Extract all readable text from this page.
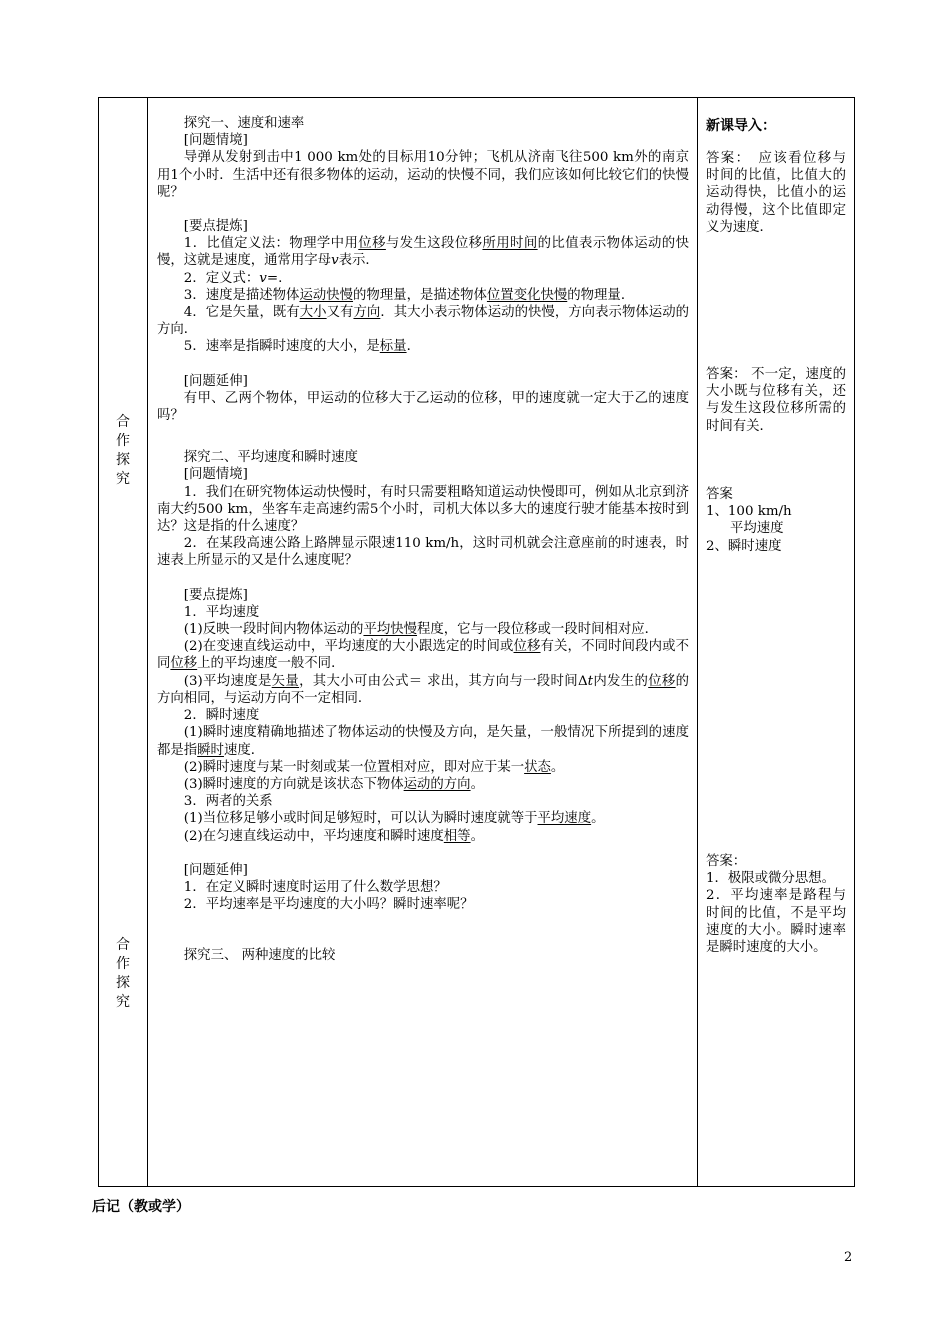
合
作
探
究
合
作
探
究

探究一、速度和速率

[问题情境]

导弹从发射到击中1 000 km处的目标用10分钟；飞机从济南飞往500 km外的南京用1个小时．生活中还有很多物体的运动，运动的快慢不同，我们应该如何比较它们的快慢呢？

[要点提炼]

1．比值定义法：物理学中用位移与发生这段位移所用时间的比值表示物体运动的快慢，这就是速度，通常用字母v表示．

2．定义式：v=.

3．速度是描述物体运动快慢的物理量，是描述物体位置变化快慢的物理量．

4．它是矢量，既有大小又有方向．其大小表示物体运动的快慢，方向表示物体运动的方向．

5．速率是指瞬时速度的大小，是标量．

[问题延伸]

有甲、乙两个物体，甲运动的位移大于乙运动的位移，甲的速度就一定大于乙的速度吗？

探究二、平均速度和瞬时速度

[问题情境]

1．我们在研究物体运动快慢时，有时只需要粗略知道运动快慢即可，例如从北京到济南大约500 km，坐客车走高速约需5个小时，司机大体以多大的速度行驶才能基本按时到达？这是指的什么速度？

2．在某段高速公路上路牌显示限速110 km/h，这时司机就会注意座前的时速表，时速表上所显示的又是什么速度呢？

[要点提炼]

1．平均速度

(1)反映一段时间内物体运动的平均快慢程度，它与一段位移或一段时间相对应．

(2)在变速直线运动中，平均速度的大小跟选定的时间或位移有关，不同时间段内或不同位移上的平均速度一般不同．

(3)平均速度是矢量，其大小可由公式＝ 求出，其方向与一段时间Δt内发生的位移的方向相同，与运动方向不一定相同．

2．瞬时速度

(1)瞬时速度精确地描述了物体运动的快慢及方向，是矢量，一般情况下所提到的速度都是指瞬时速度．

(2)瞬时速度与某一时刻或某一位置相对应，即对应于某一状态。

(3)瞬时速度的方向就是该状态下物体运动的方向。

3．两者的关系

(1)当位移足够小或时间足够短时，可以认为瞬时速度就等于平均速度。

(2)在匀速直线运动中，平均速度和瞬时速度相等。

[问题延伸]

1．在定义瞬时速度时运用了什么数学思想？

2．平均速率是平均速度的大小吗？瞬时速率呢？

探究三、 两种速度的比较

新课导入：

答案：　应该看位移与时间的比值，比值大的运动得快，比值小的运动得慢，这个比值即定义为速度．

答案： 不一定，速度的大小既与位移有关，还与发生这段位移所需的时间有关．

答案

1、100 km/h

平均速度

2、瞬时速度

答案：

1．极限或微分思想。

2．平均速率是路程与时间的比值，不是平均速度的大小。瞬时速率是瞬时速度的大小。

后记（教或学）
2
